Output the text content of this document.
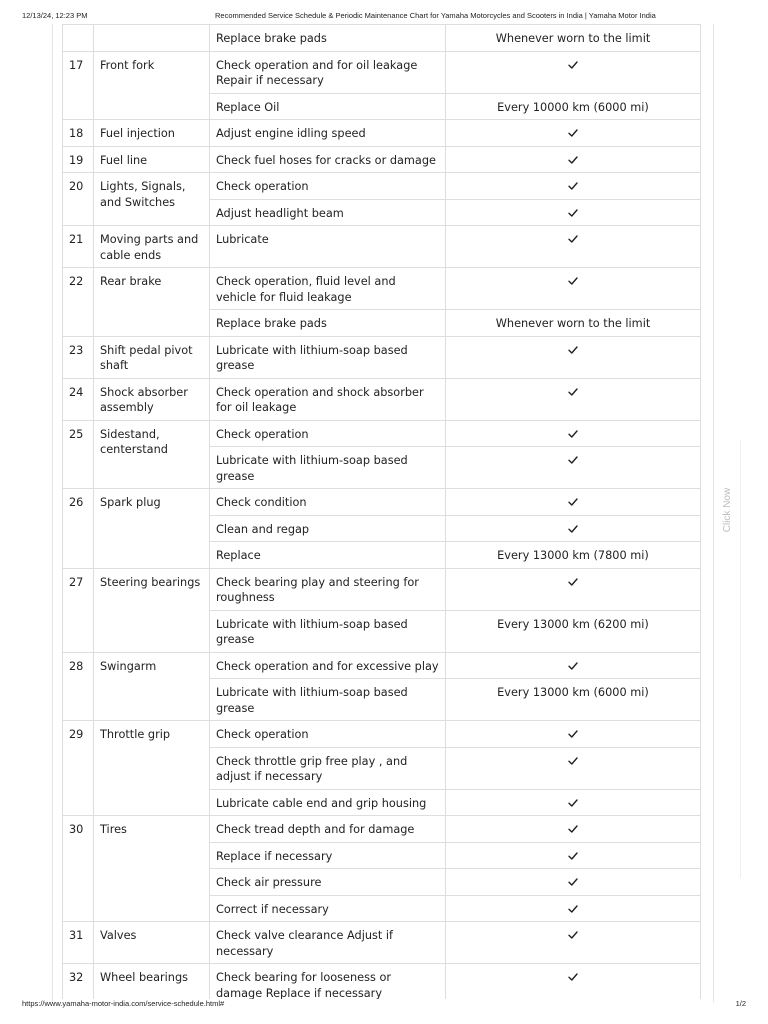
12/13/24, 12:23 PM	Recommended Service Schedule & Periodic Maintenance Chart for Yamaha Motorcycles and Scooters in India | Yamaha Motor India
		Replace brake pads	Whenever worn to the limit
17	Front fork	Check operation and for oil leakage Repair if necessary	
		Replace Oil	Every 10000 km (6000 mi)
18	Fuel injection	Adjust engine idling speed	
19	Fuel line	Check fuel hoses for cracks or damage	
20	Lights, Signals, and Switches	Check operation	
		Adjust headlight beam	
21	Moving parts and cable ends	Lubricate	
22	Rear brake	Check operation, fluid level and vehicle for fluid leakage	
		Replace brake pads	Whenever worn to the limit
23	Shift pedal pivot shaft	Lubricate with lithium-soap based grease	
24	Shock absorber assembly	Check operation and shock absorber for oil leakage	
25	Sidestand, centerstand	Check operation	
		Lubricate with lithium-soap based grease	
26	Spark plug	Check condition	
		Clean and regap	
		Replace	Every 13000 km (7800 mi)
27	Steering bearings	Check bearing play and steering for roughness	
		Lubricate with lithium-soap based grease	Every 13000 km (6200 mi)
28	Swingarm	Check operation and for excessive play	
		Lubricate with lithium-soap based grease	Every 13000 km (6000 mi)
29	Throttle grip	Check operation	
		Check throttle grip free play , and adjust if necessary	
		Lubricate cable end and grip housing	
30	Tires	Check tread depth and for damage	
		Replace if necessary	
		Check air pressure	
		Correct if necessary	
31	Valves	Check valve clearance Adjust if necessary	
32	Wheel bearings	Check bearing for looseness or damage Replace if necessary	
Click Now
https://www.yamaha-motor-india.com/service-schedule.html#	1/2
